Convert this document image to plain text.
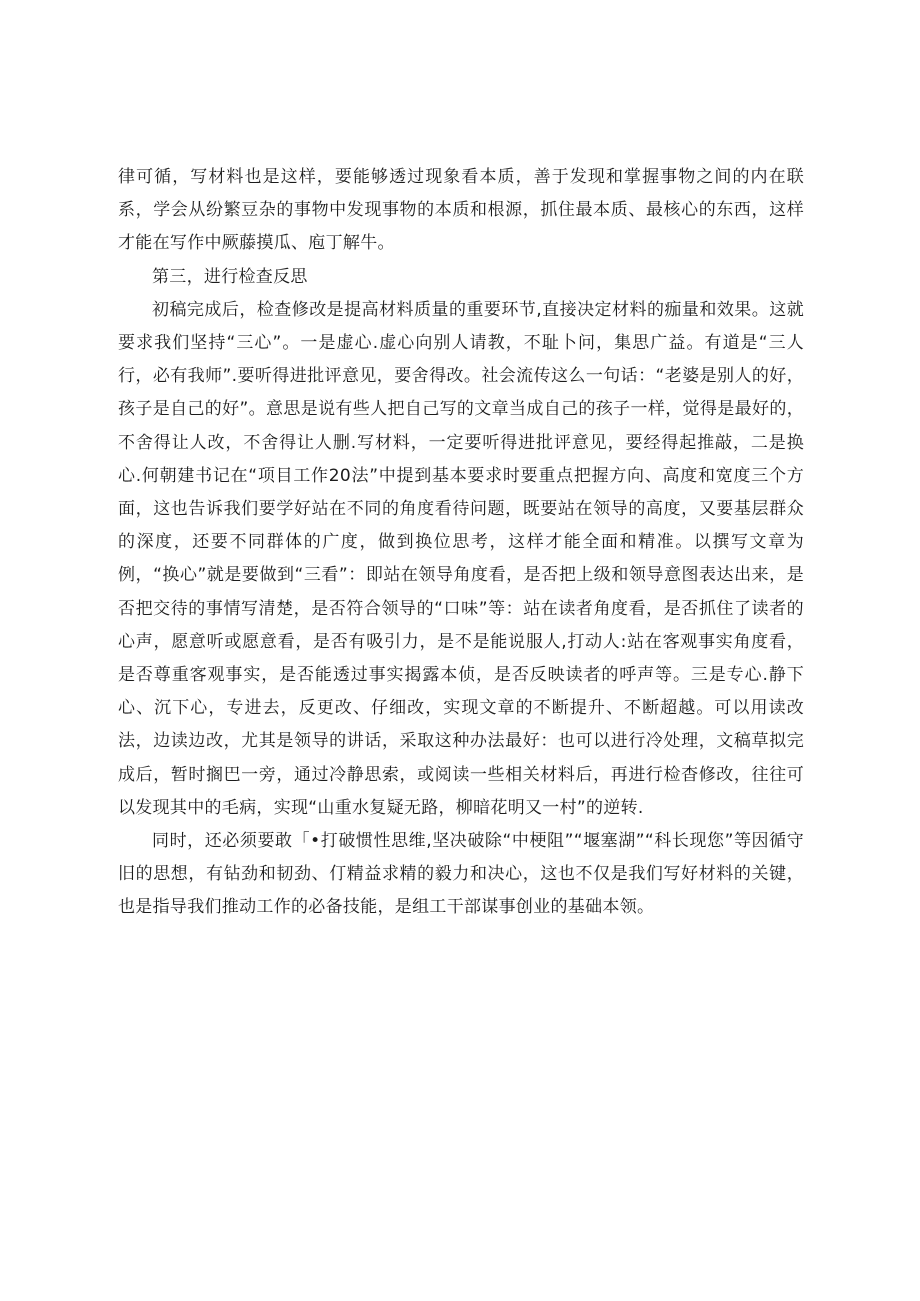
律可循，写材料也是这样，要能够透过现象看本质，善于发现和掌握事物之间的内在联系，学会从纷繁豆杂的事物中发现事物的本质和根源，抓住最本质、最核心的东西，这样才能在写作中厥藤摸瓜、庖丁解牛。

第三，进行检查反思

初稿完成后，检查修改是提高材料质量的重要环节,直接决定材料的痂量和效果。这就要求我们坚持“三心”。一是虚心.虚心向别人请教，不耻卜问，集思广益。有道是“三人行，必有我师”.要听得进批评意见，要舍得改。社会流传这么一句话：“老婆是别人的好，孩子是自己的好”。意思是说有些人把自己写的文章当成自己的孩子一样，觉得是最好的，不舍得让人改，不舍得让人删.写材料，一定要听得进批评意见，要经得起推敲，二是换心.何朝建书记在“项目工作20法”中提到基本要求时要重点把握方向、高度和宽度三个方面，这也告诉我们要学好站在不同的角度看待问题，既要站在领导的高度，又要基层群众的深度，还要不同群体的广度，做到换位思考，这样才能全面和精准。以撰写文章为例，“换心”就是要做到“三看”：即站在领导角度看，是否把上级和领导意图表达出来，是否把交待的事情写清楚，是否符合领导的“口味”等：站在读者角度看，是否抓住了读者的心声，愿意听或愿意看，是否有吸引力，是不是能说服人,打动人:站在客观事实角度看，是否尊重客观事实，是否能透过事实揭露本侦，是否反映读者的呼声等。三是专心.静下心、沉下心，专进去，反更改、仔细改，实现文章的不断提升、不断超越。可以用读改法，边读边改，尤其是领导的讲话，采取这种办法最好：也可以进行冷处理，文稿草拟完成后，暂时搁巴一旁，通过冷静思索，或阅读一些相关材料后，再进行检杳修改，往往可以发现其中的毛病，实现“山重水复疑无路，柳暗花明又一村”的逆转.

同时，还必须要敢「•打破惯性思维,坚决破除“中梗阻”“堰塞湖”“科长现您”等因循守旧的思想，有钻劲和韧劲、仃精益求精的毅力和决心，这也不仅是我们写好材料的关键，也是指导我们推动工作的必备技能，是组工干部谋事创业的基础本领。
